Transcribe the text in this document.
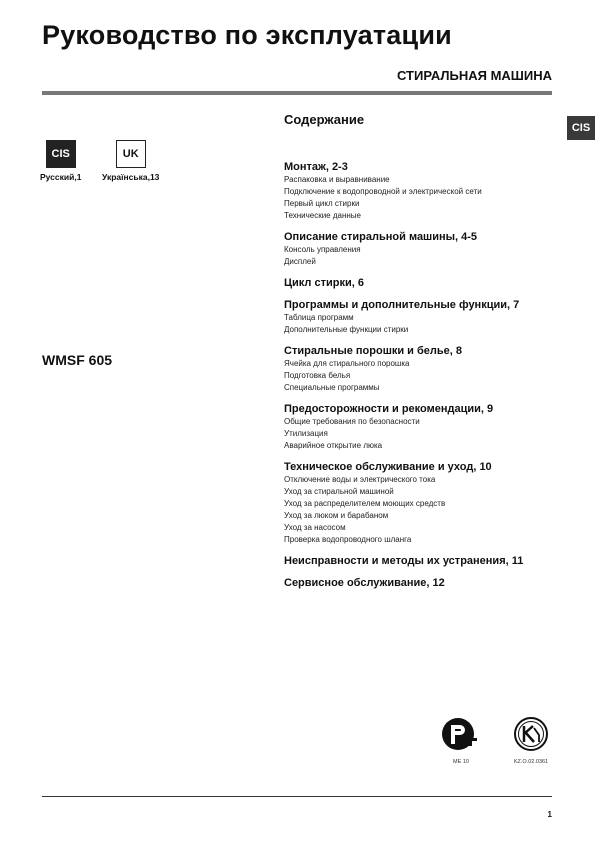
Руководство по эксплуатации
СТИРАЛЬНАЯ МАШИНА
CIS
CIS
Русский,1
UK
Українська,13
WMSF 605
Содержание
Монтаж, 2-3
Распаковка и выравнивание
Подключение к водопроводной и электрической сети
Первый цикл стирки
Технические данные
Описание стиральной машины, 4-5
Консоль управления
Дисплей
Цикл стирки, 6
Программы и дополнительные функции, 7
Таблица программ
Дополнительные функции стирки
Стиральные порошки и белье, 8
Ячейка для стирального порошка
Подготовка белья
Специальные программы
Предосторожности и рекомендации, 9
Общие требования по безопасности
Утилизация
Аварийное открытие люка
Техническое обслуживание и уход, 10
Отключение воды и электрического тока
Уход за стиральной машиной
Уход за распределителем моющих средств
Уход за люком и барабаном
Уход за насосом
Проверка водопроводного шланга
Неисправности и методы их устранения, 11
Сервисное обслуживание, 12
ME 10	KZ.О.02.0361
1
